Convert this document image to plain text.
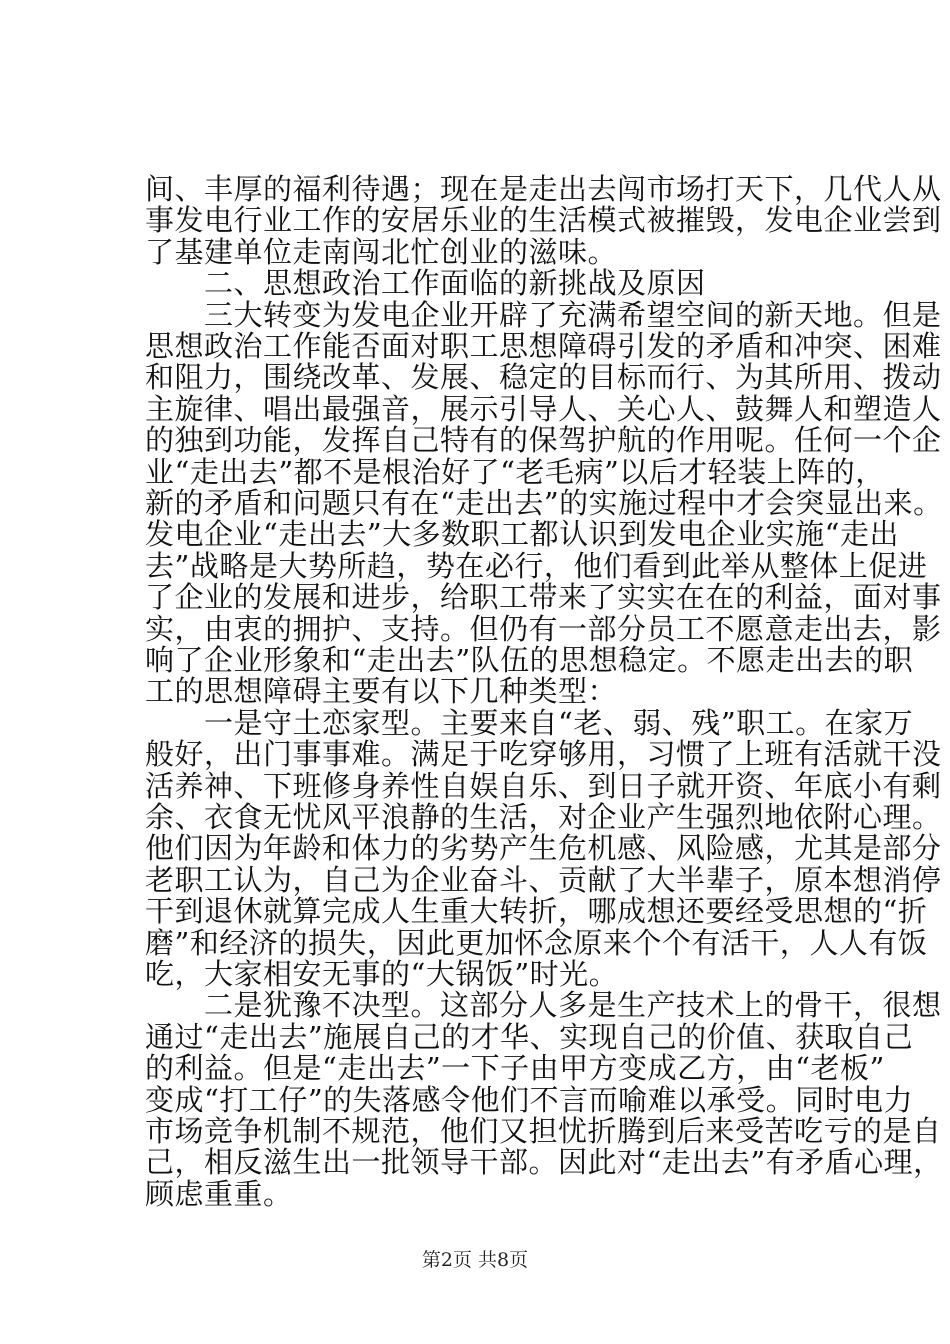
间、丰厚的福利待遇；现在是走出去闯市场打天下，几代人从
事发电行业工作的安居乐业的生活模式被摧毁，发电企业尝到
了基建单位走南闯北忙创业的滋味。
　　二、思想政治工作面临的新挑战及原因
　　三大转变为发电企业开辟了充满希望空间的新天地。但是
思想政治工作能否面对职工思想障碍引发的矛盾和冲突、困难
和阻力，围绕改革、发展、稳定的目标而行、为其所用、拨动
主旋律、唱出最强音，展示引导人、关心人、鼓舞人和塑造人
的独到功能，发挥自己特有的保驾护航的作用呢。任何一个企
业“走出去”都不是根治好了“老毛病”以后才轻装上阵的，
新的矛盾和问题只有在“走出去”的实施过程中才会突显出来。
发电企业“走出去”大多数职工都认识到发电企业实施“走出
去”战略是大势所趋，势在必行，他们看到此举从整体上促进
了企业的发展和进步，给职工带来了实实在在的利益，面对事
实，由衷的拥护、支持。但仍有一部分员工不愿意走出去，影
响了企业形象和“走出去”队伍的思想稳定。不愿走出去的职
工的思想障碍主要有以下几种类型：
　　一是守土恋家型。主要来自“老、弱、残”职工。在家万
般好，出门事事难。满足于吃穿够用，习惯了上班有活就干没
活养神、下班修身养性自娱自乐、到日子就开资、年底小有剩
余、衣食无忧风平浪静的生活，对企业产生强烈地依附心理。
他们因为年龄和体力的劣势产生危机感、风险感，尤其是部分
老职工认为，自己为企业奋斗、贡献了大半辈子，原本想消停
干到退休就算完成人生重大转折，哪成想还要经受思想的“折
磨”和经济的损失，因此更加怀念原来个个有活干，人人有饭
吃，大家相安无事的“大锅饭”时光。
　　二是犹豫不决型。这部分人多是生产技术上的骨干，很想
通过“走出去”施展自己的才华、实现自己的价值、获取自己
的利益。但是“走出去”一下子由甲方变成乙方，由“老板”
变成“打工仔”的失落感令他们不言而喻难以承受。同时电力
市场竞争机制不规范，他们又担忧折腾到后来受苦吃亏的是自
己，相反滋生出一批领导干部。因此对“走出去”有矛盾心理，
顾虑重重。
第2页 共8页
